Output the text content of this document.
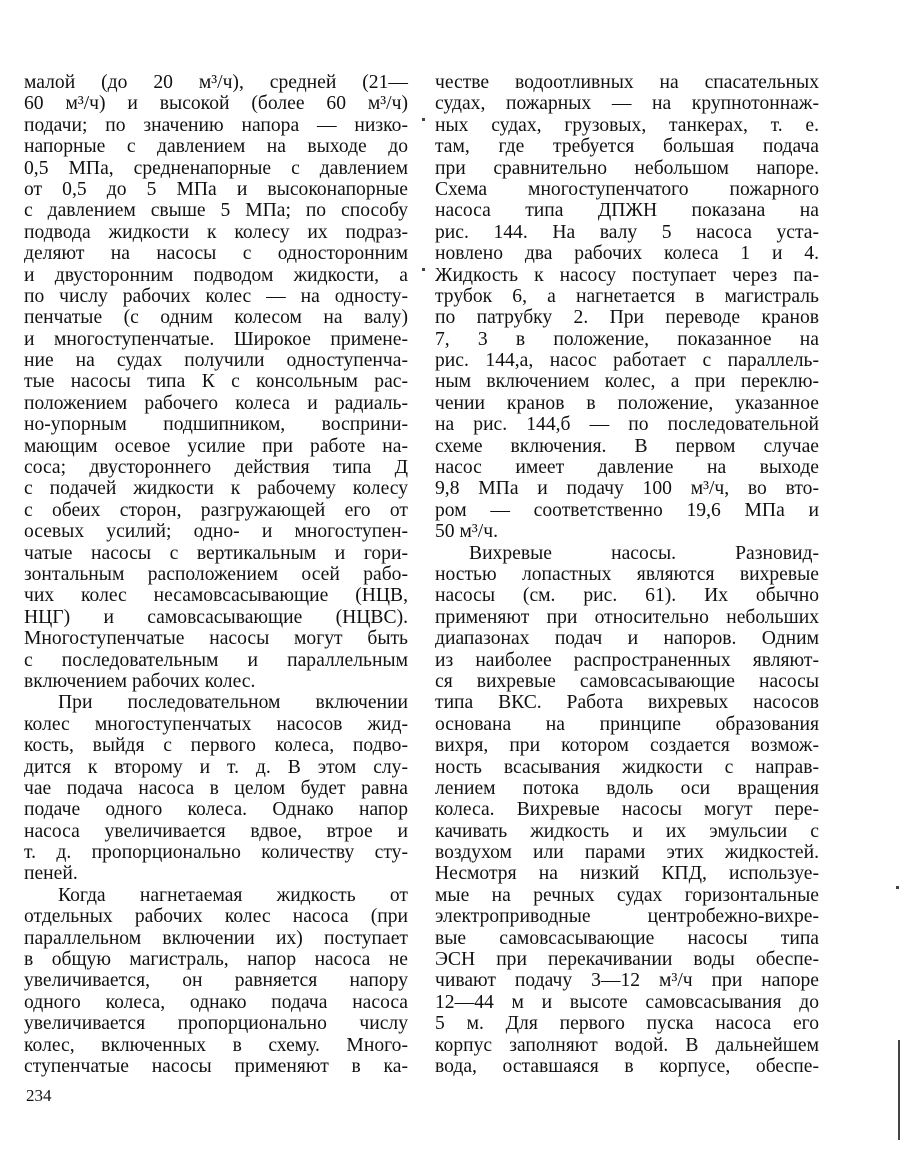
малой (до 20 м³/ч), средней (21—
60 м³/ч) и высокой (более 60 м³/ч)
подачи; по значению напора — низко-
напорные с давлением на выходе до
0,5 МПа, средненапорные с давлением
от 0,5 до 5 МПа и высоконапорные
с давлением свыше 5 МПа; по способу
подвода жидкости к колесу их подраз-
деляют на насосы с односторонним
и двусторонним подводом жидкости, а
по числу рабочих колес — на односту-
пенчатые (с одним колесом на валу)
и многоступенчатые. Широкое примене-
ние на судах получили одноступенча-
тые насосы типа К с консольным рас-
положением рабочего колеса и радиаль-
но-упорным подшипником, восприни-
мающим осевое усилие при работе на-
соса; двустороннего действия типа Д
с подачей жидкости к рабочему колесу
с обеих сторон, разгружающей его от
осевых усилий; одно- и многоступен-
чатые насосы с вертикальным и гори-
зонтальным расположением осей рабо-
чих колес несамовсасывающие (НЦВ,
НЦГ) и самовсасывающие (НЦВС).
Многоступенчатые насосы могут быть
с последовательным и параллельным
включением рабочих колес.
При последовательном включении
колес многоступенчатых насосов жид-
кость, выйдя с первого колеса, подво-
дится к второму и т. д. В этом слу-
чае подача насоса в целом будет равна
подаче одного колеса. Однако напор
насоса увеличивается вдвое, втрое и
т. д. пропорционально количеству сту-
пеней.
Когда нагнетаемая жидкость от
отдельных рабочих колес насоса (при
параллельном включении их) поступает
в общую магистраль, напор насоса не
увеличивается, он равняется напору
одного колеса, однако подача насоса
увеличивается пропорционально числу
колес, включенных в схему. Много-
ступенчатые насосы применяют в ка-
честве водоотливных на спасательных
судах, пожарных — на крупнотоннаж-
ных судах, грузовых, танкерах, т. е.
там, где требуется большая подача
при сравнительно небольшом напоре.
Схема многоступенчатого пожарного
насоса типа ДПЖН показана на
рис. 144. На валу 5 насоса уста-
новлено два рабочих колеса 1 и 4.
Жидкость к насосу поступает через па-
трубок 6, а нагнетается в магистраль
по патрубку 2. При переводе кранов
7, 3 в положение, показанное на
рис. 144,а, насос работает с параллель-
ным включением колес, а при переклю-
чении кранов в положение, указанное
на рис. 144,б — по последовательной
схеме включения. В первом случае
насос имеет давление на выходе
9,8 МПа и подачу 100 м³/ч, во вто-
ром — соответственно 19,6 МПа и
50 м³/ч.
Вихревые насосы. Разновид-
ностью лопастных являются вихревые
насосы (см. рис. 61). Их обычно
применяют при относительно небольших
диапазонах подач и напоров. Одним
из наиболее распространенных являют-
ся вихревые самовсасывающие насосы
типа ВКС. Работа вихревых насосов
основана на принципе образования
вихря, при котором создается возмож-
ность всасывания жидкости с направ-
лением потока вдоль оси вращения
колеса. Вихревые насосы могут пере-
качивать жидкость и их эмульсии с
воздухом или парами этих жидкостей.
Несмотря на низкий КПД, используе-
мые на речных судах горизонтальные
электроприводные центробежно-вихре-
вые самовсасывающие насосы типа
ЭСН при перекачивании воды обеспе-
чивают подачу 3—12 м³/ч при напоре
12—44 м и высоте самовсасывания до
5 м. Для первого пуска насоса его
корпус заполняют водой. В дальнейшем
вода, оставшаяся в корпусе, обеспе-
234
